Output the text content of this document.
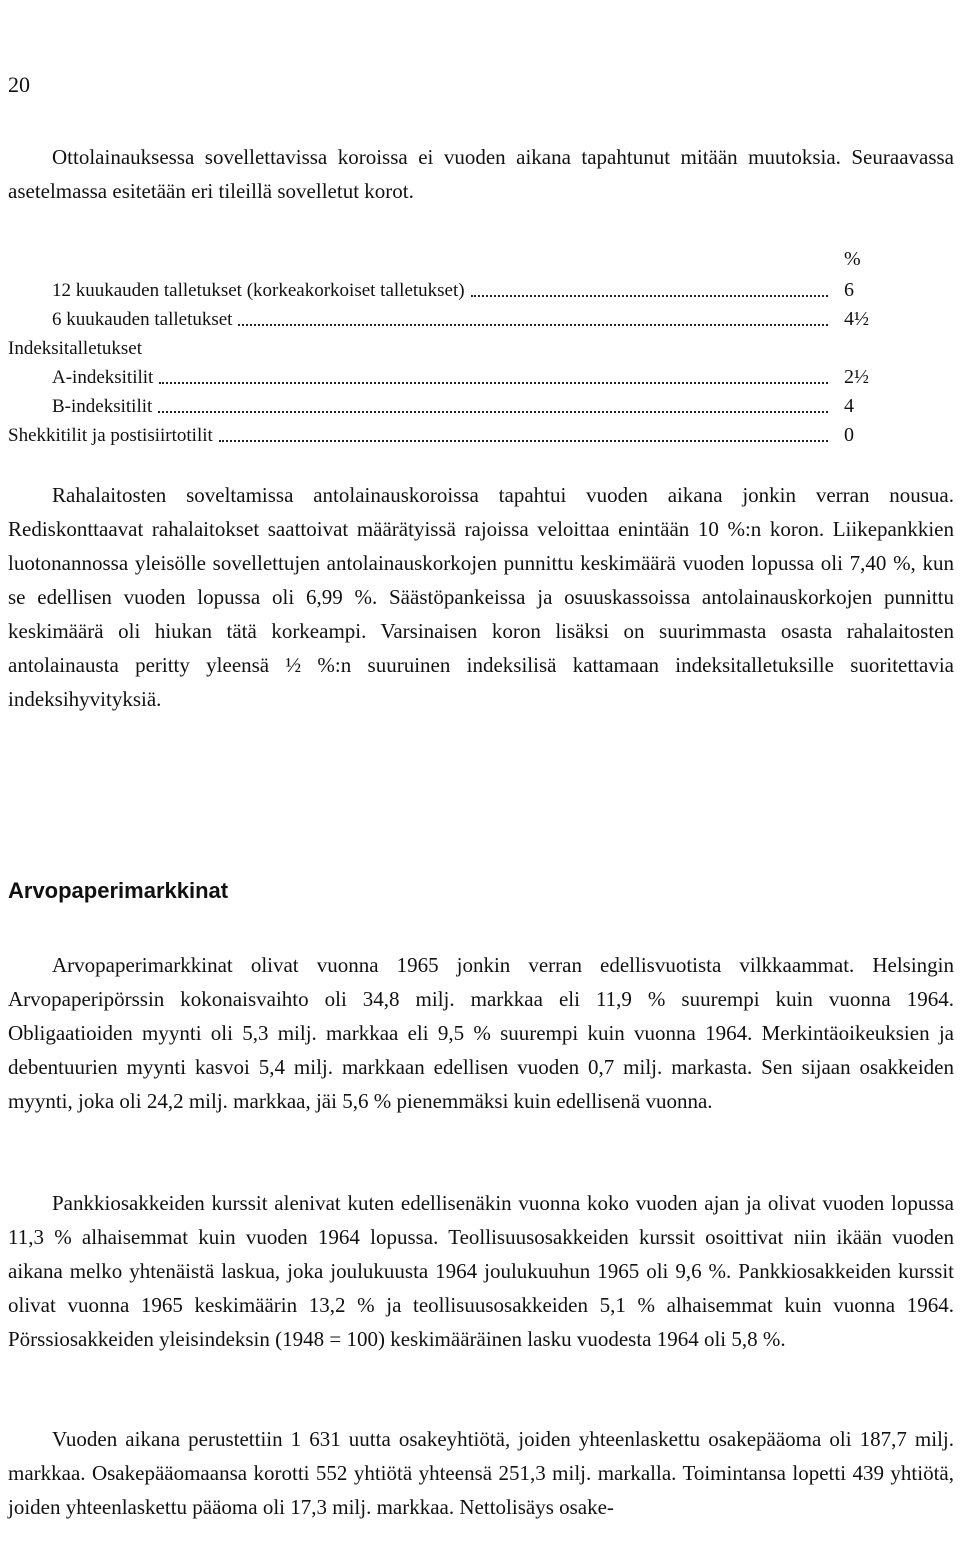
20

Ottolainauksessa sovellettavissa koroissa ei vuoden aikana tapahtunut mitään muutoksia. Seuraavassa asetelmassa esitetään eri tileillä sovelletut korot.

%
12 kuukauden talletukset (korkeakorkoiset talletukset)	6
6 kuukauden talletukset	4½
Indeksitalletukset
A-indeksitilit	2½
B-indeksitilit	4
Shekkitilit ja postisiirtotilit	0

Rahalaitosten soveltamissa antolainauskoroissa tapahtui vuoden aikana jonkin verran nousua. Rediskonttaavat rahalaitokset saattoivat määrätyissä rajoissa veloittaa enintään 10 %:n koron. Liikepankkien luotonannossa yleisölle sovellettujen antolainauskorkojen punnittu keskimäärä vuoden lopussa oli 7,40 %, kun se edellisen vuoden lopussa oli 6,99 %. Säästöpankeissa ja osuuskassoissa antolainauskorkojen punnittu keskimäärä oli hiukan tätä korkeampi. Varsinaisen koron lisäksi on suurimmasta osasta rahalaitosten antolainausta peritty yleensä ½ %:n suuruinen indeksilisä kattamaan indeksitalletuksille suoritettavia indeksihyvityksiä.

Arvopaperimarkkinat

Arvopaperimarkkinat olivat vuonna 1965 jonkin verran edellisvuotista vilkkaammat. Helsingin Arvopaperipörssin kokonaisvaihto oli 34,8 milj. markkaa eli 11,9 % suurempi kuin vuonna 1964. Obligaatioiden myynti oli 5,3 milj. markkaa eli 9,5 % suurempi kuin vuonna 1964. Merkintäoikeuksien ja debentuurien myynti kasvoi 5,4 milj. markkaan edellisen vuoden 0,7 milj. markasta. Sen sijaan osakkeiden myynti, joka oli 24,2 milj. markkaa, jäi 5,6 % pienemmäksi kuin edellisenä vuonna.

Pankkiosakkeiden kurssit alenivat kuten edellisenäkin vuonna koko vuoden ajan ja olivat vuoden lopussa 11,3 % alhaisemmat kuin vuoden 1964 lopussa. Teollisuusosakkeiden kurssit osoittivat niin ikään vuoden aikana melko yhtenäistä laskua, joka joulukuusta 1964 joulukuuhun 1965 oli 9,6 %. Pankkiosakkeiden kurssit olivat vuonna 1965 keskimäärin 13,2 % ja teollisuusosakkeiden 5,1 % alhaisemmat kuin vuonna 1964. Pörssiosakkeiden yleisindeksin (1948 = 100) keskimääräinen lasku vuodesta 1964 oli 5,8 %.

Vuoden aikana perustettiin 1 631 uutta osakeyhtiötä, joiden yhteenlaskettu osakepääoma oli 187,7 milj. markkaa. Osakepääomaansa korotti 552 yhtiötä yhteensä 251,3 milj. markalla. Toimintansa lopetti 439 yhtiötä, joiden yhteenlaskettu pääoma oli 17,3 milj. markkaa. Nettolisäys osake-
